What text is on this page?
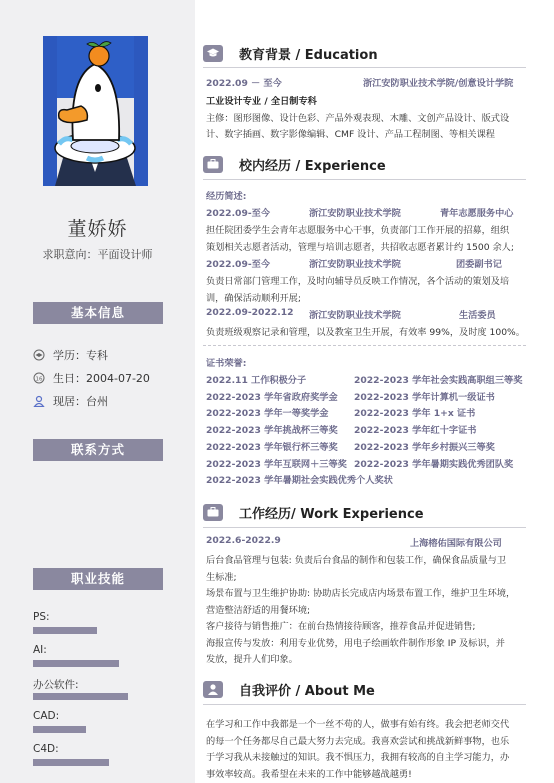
董娇娇
求职意向：平面设计师
基本信息
学历：专科
16 生日：2004-07-20
现居：台州
联系方式
职业技能
PS:
AI:
办公软件:
CAD:
C4D:
教育背景 / Education
2022.09 － 至今	浙江安防职业技术学院/创意设计学院
工业设计专业 / 全日制专科
主修：图形图像、设计色彩、产品外观表现、木雕、文创产品设计、版式设
计、数字插画、数字影像编辑、CMF 设计、产品工程制图、等相关课程
校内经历 / Experience
经历简述:
2022.09-至今	浙江安防职业技术学院	青年志愿服务中心
担任院团委学生会青年志愿服务中心干事，负责部门工作开展的招募，组织
策划相关志愿者活动，管理与培训志愿者，共招收志愿者累计约 1500 余人;
2022.09-至今	浙江安防职业技术学院	团委副书记
负责日常部门管理工作，及时向辅导员反映工作情况，各个活动的策划及培
训，确保活动顺利开展;
2022.09-2022.12 浙江安防职业技术学院	生活委员
负责班级观察记录和管理，以及教室卫生开展，有效率 99%，及时度 100%。
证书荣誉:
2022.11 工作积极分子	2022-2023 学年社会实践高职组三等奖
2022-2023 学年省政府奖学金 2022-2023 学年计算机一级证书
2022-2023 学年一等奖学金	2022-2023 学年 1+x 证书
2022-2023 学年挑战杯三等奖 2022-2023 学年红十字证书
2022-2023 学年银行杯三等奖 2022-2023 学年乡村振兴三等奖
2022-2023 学年互联网＋三等奖 2022-2023 学年暑期实践优秀团队奖
2022-2023 学年暑期社会实践优秀个人奖状
工作经历/ Work Experience
2022.6-2022.9	上海榕佑国际有限公司
后台食品管理与包装: 负责后台食品的制作和包装工作，确保食品质量与卫
生标准;
场景布置与卫生维护协助: 协助店长完成店内场景布置工作，维护卫生环境，
营造整洁舒适的用餐环境;
客户接待与销售推广：在前台热情接待顾客，推荐食品并促进销售;
海报宣传与发放：利用专业优势，用电子绘画软件制作形象 IP 及标识，并
发放，提升人们印象。
自我评价 / About Me
在学习和工作中我都是一个一丝不苟的人，做事有始有终。我会把老师交代
的每一个任务都尽自己最大努力去完成。我喜欢尝试和挑战新鲜事物，也乐
于学习我从未接触过的知识。我不惧压力，我拥有较高的自主学习能力，办
事效率较高。我希望在未来的工作中能够越战越勇!
